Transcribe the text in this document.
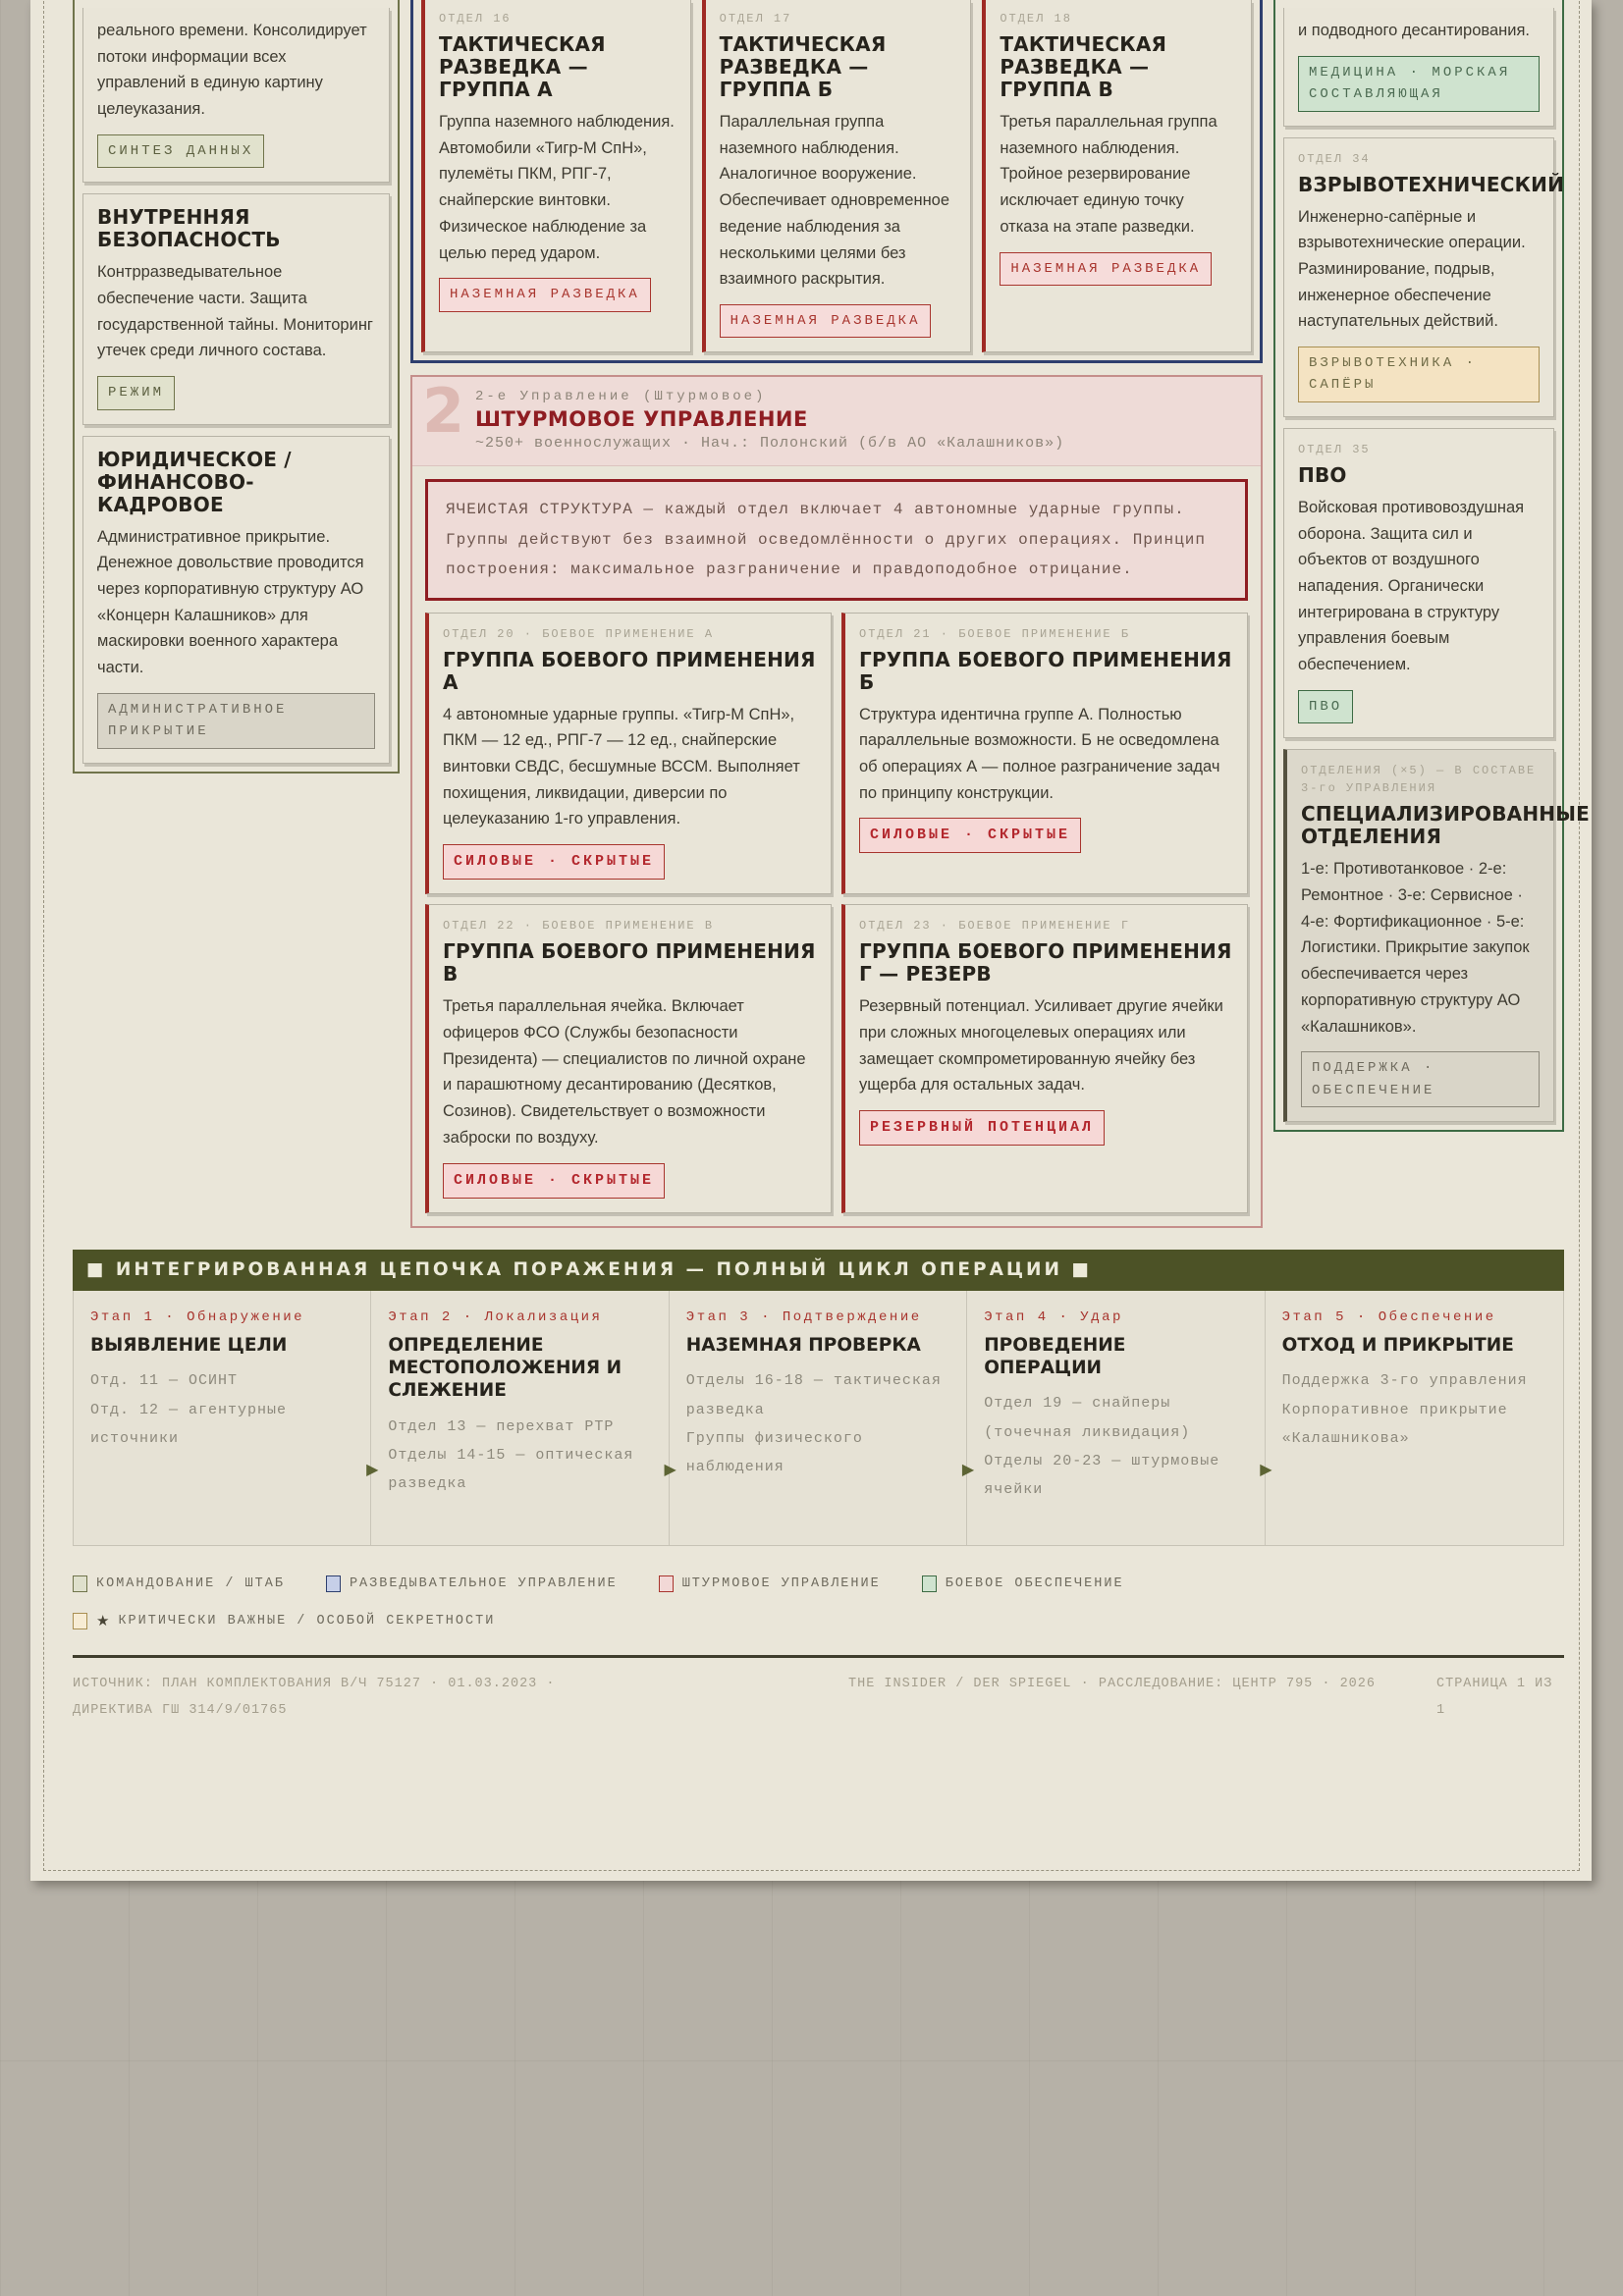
реального времени. Консолидирует потоки информации всех управлений в единую картину целеуказания.
СИНТЕЗ ДАННЫХ
ВНУТРЕННЯЯ БЕЗОПАСНОСТЬ
Контрразведывательное обеспечение части. Защита государственной тайны. Мониторинг утечек среди личного состава.
РЕЖИМ
ЮРИДИЧЕСКОЕ / ФИНАНСОВО-КАДРОВОЕ
Административное прикрытие. Денежное довольствие проводится через корпоративную структуру АО «Концерн Калашников» для маскировки военного характера части.
АДМИНИСТРАТИВНОЕ ПРИКРЫТИЕ
ОТДЕЛ 16
ТАКТИЧЕСКАЯ РАЗВЕДКА — ГРУППА А
Группа наземного наблюдения. Автомобили «Тигр-М СпН», пулемёты ПКМ, РПГ-7, снайперские винтовки. Физическое наблюдение за целью перед ударом.
НАЗЕМНАЯ РАЗВЕДКА
ОТДЕЛ 17
ТАКТИЧЕСКАЯ РАЗВЕДКА — ГРУППА Б
Параллельная группа наземного наблюдения. Аналогичное вооружение. Обеспечивает одновременное ведение наблюдения за несколькими целями без взаимного раскрытия.
НАЗЕМНАЯ РАЗВЕДКА
ОТДЕЛ 18
ТАКТИЧЕСКАЯ РАЗВЕДКА — ГРУППА В
Третья параллельная группа наземного наблюдения. Тройное резервирование исключает единую точку отказа на этапе разведки.
НАЗЕМНАЯ РАЗВЕДКА
2 2-е Управление (Штурмовое)
ШТУРМОВОЕ УПРАВЛЕНИЕ
~250+ военнослужащих · Нач.: Полонский (б/в АО «Калашников»)
ЯЧЕИСТАЯ СТРУКТУРА — каждый отдел включает 4 автономные ударные группы. Группы действуют без взаимной осведомлённости о других операциях. Принцип построения: максимальное разграничение и правдоподобное отрицание.
ОТДЕЛ 20 · БОЕВОЕ ПРИМЕНЕНИЕ А
ГРУППА БОЕВОГО ПРИМЕНЕНИЯ А
4 автономные ударные группы. «Тигр-М СпН», ПКМ — 12 ед., РПГ-7 — 12 ед., снайперские винтовки СВДС, бесшумные ВССМ. Выполняет похищения, ликвидации, диверсии по целеуказанию 1-го управления.
СИЛОВЫЕ · СКРЫТЫЕ
ОТДЕЛ 21 · БОЕВОЕ ПРИМЕНЕНИЕ Б
ГРУППА БОЕВОГО ПРИМЕНЕНИЯ Б
Структура идентична группе А. Полностью параллельные возможности. Б не осведомлена об операциях А — полное разграничение задач по принципу конструкции.
СИЛОВЫЕ · СКРЫТЫЕ
ОТДЕЛ 22 · БОЕВОЕ ПРИМЕНЕНИЕ В
ГРУППА БОЕВОГО ПРИМЕНЕНИЯ В
Третья параллельная ячейка. Включает офицеров ФСО (Службы безопасности Президента) — специалистов по личной охране и парашютному десантированию (Десятков, Созинов). Свидетельствует о возможности заброски по воздуху.
СИЛОВЫЕ · СКРЫТЫЕ
ОТДЕЛ 23 · БОЕВОЕ ПРИМЕНЕНИЕ Г
ГРУППА БОЕВОГО ПРИМЕНЕНИЯ Г — РЕЗЕРВ
Резервный потенциал. Усиливает другие ячейки при сложных многоцелевых операциях или замещает скомпрометированную ячейку без ущерба для остальных задач.
РЕЗЕРВНЫЙ ПОТЕНЦИАЛ
и подводного десантирования.
МЕДИЦИНА · МОРСКАЯ СОСТАВЛЯЮЩАЯ
ОТДЕЛ 34
ВЗРЫВОТЕХНИЧЕСКИЙ
Инженерно-сапёрные и взрывотехнические операции. Разминирование, подрыв, инженерное обеспечение наступательных действий.
ВЗРЫВОТЕХНИКА · САПЁРЫ
ОТДЕЛ 35
ПВО
Войсковая противовоздушная оборона. Защита сил и объектов от воздушного нападения. Органически интегрирована в структуру управления боевым обеспечением.
ПВО
ОТДЕЛЕНИЯ (×5) — В СОСТАВЕ 3-го УПРАВЛЕНИЯ
СПЕЦИАЛИЗИРОВАННЫЕ ОТДЕЛЕНИЯ
1-е: Противотанковое · 2-е: Ремонтное · 3-е: Сервисное · 4-е: Фортификационное · 5-е: Логистики. Прикрытие закупок обеспечивается через корпоративную структуру АО «Калашников».
ПОДДЕРЖКА · ОБЕСПЕЧЕНИЕ
■ ИНТЕГРИРОВАННАЯ ЦЕПОЧКА ПОРАЖЕНИЯ — ПОЛНЫЙ ЦИКЛ ОПЕРАЦИИ ■
Этап 1 · Обнаружение
ВЫЯВЛЕНИЕ ЦЕЛИ
Отд. 11 — ОСИНТ
Отд. 12 — агентурные источники
▶
Этап 2 · Локализация
ОПРЕДЕЛЕНИЕ МЕСТОПОЛОЖЕНИЯ И СЛЕЖЕНИЕ
Отдел 13 — перехват РТР
Отделы 14-15 — оптическая разведка
▶
Этап 3 · Подтверждение
НАЗЕМНАЯ ПРОВЕРКА
Отделы 16-18 — тактическая разведка
Группы физического наблюдения	▶
Этап 4 · Удар
ПРОВЕДЕНИЕ ОПЕРАЦИИ
Отдел 19 — снайперы (точечная ликвидация)
Отделы 20-23 — штурмовые ячейки
▶
Этап 5 · Обеспечение
ОТХОД И ПРИКРЫТИЕ
Поддержка 3-го управления
Корпоративное прикрытие «Калашникова»
КОМАНДОВАНИЕ / ШТАБ	РАЗВЕДЫВАТЕЛЬНОЕ УПРАВЛЕНИЕ	ШТУРМОВОЕ УПРАВЛЕНИЕ	БОЕВОЕ ОБЕСПЕЧЕНИЕ
★ КРИТИЧЕСКИ ВАЖНЫЕ / ОСОБОЙ СЕКРЕТНОСТИ
ИСТОЧНИК: ПЛАН КОМПЛЕКТОВАНИЯ В/Ч 75127 · 01.03.2023 · ДИРЕКТИВА ГШ 314/9/01765
THE INSIDER / DER SPIEGEL · РАССЛЕДОВАНИЕ: ЦЕНТР 795 · 2026	СТРАНИЦА 1 ИЗ 1
